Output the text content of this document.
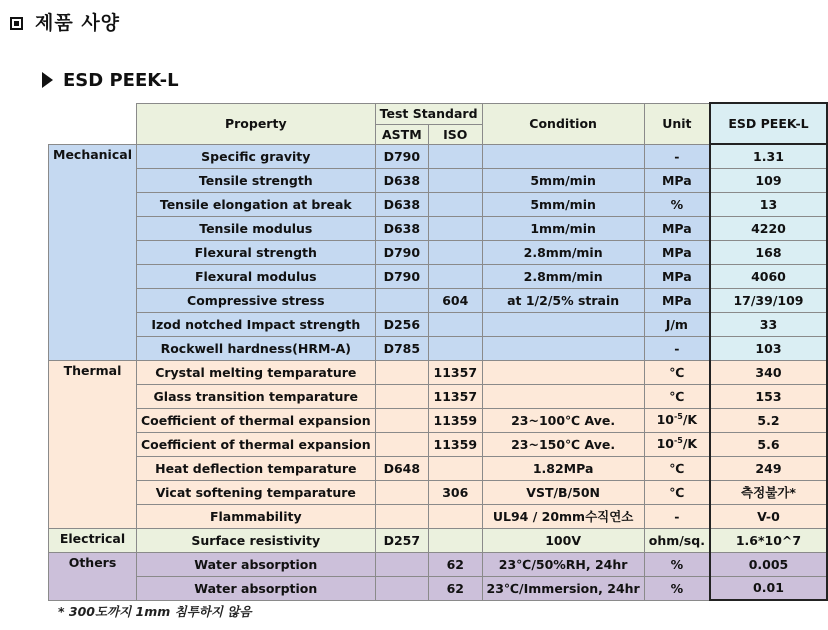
제품 사양
ESD PEEK-L
	Property	Test Standard		Condition	Unit	ESD PEEK-L
		ASTM	ISO			
Mechanical	Specific gravity	D790			-	1.31
	Tensile strength	D638		5mm/min	MPa	109
	Tensile elongation at break	D638		5mm/min	%	13
	Tensile modulus	D638		1mm/min	MPa	4220
	Flexural strength	D790		2.8mm/min	MPa	168
	Flexural modulus	D790		2.8mm/min	MPa	4060
	Compressive stress		604	at 1/2/5% strain	MPa	17/39/109
	Izod notched Impact strength	D256			J/m	33
	Rockwell hardness(HRM-A)	D785			-	103
Thermal	Crystal melting temparature		11357		℃	340
	Glass transition temparature		11357		℃	153
	Coefficient of thermal expansion		11359	23~100℃ Ave.	$10^{-5}/K$	5.2
	Coefficient of thermal expansion		11359	23~150℃ Ave.	$10^{-5}/K$	5.6
	Heat deflection temparature	D648		1.82MPa	℃	249
	Vicat softening temparature		306	VST/B/50N	℃	측정불가*
	Flammability			UL94 / 20mm수직연소	-	V-0
Electrical	Surface resistivity	D257		100V	ohm/sq.	1.6*10^7
Others	Water absorption		62	23℃/50%RH, 24hr	%	0.005
	Water absorption		62	23℃/Immersion, 24hr	%	0.01
* 300도까지 1mm 침투하지 않음
